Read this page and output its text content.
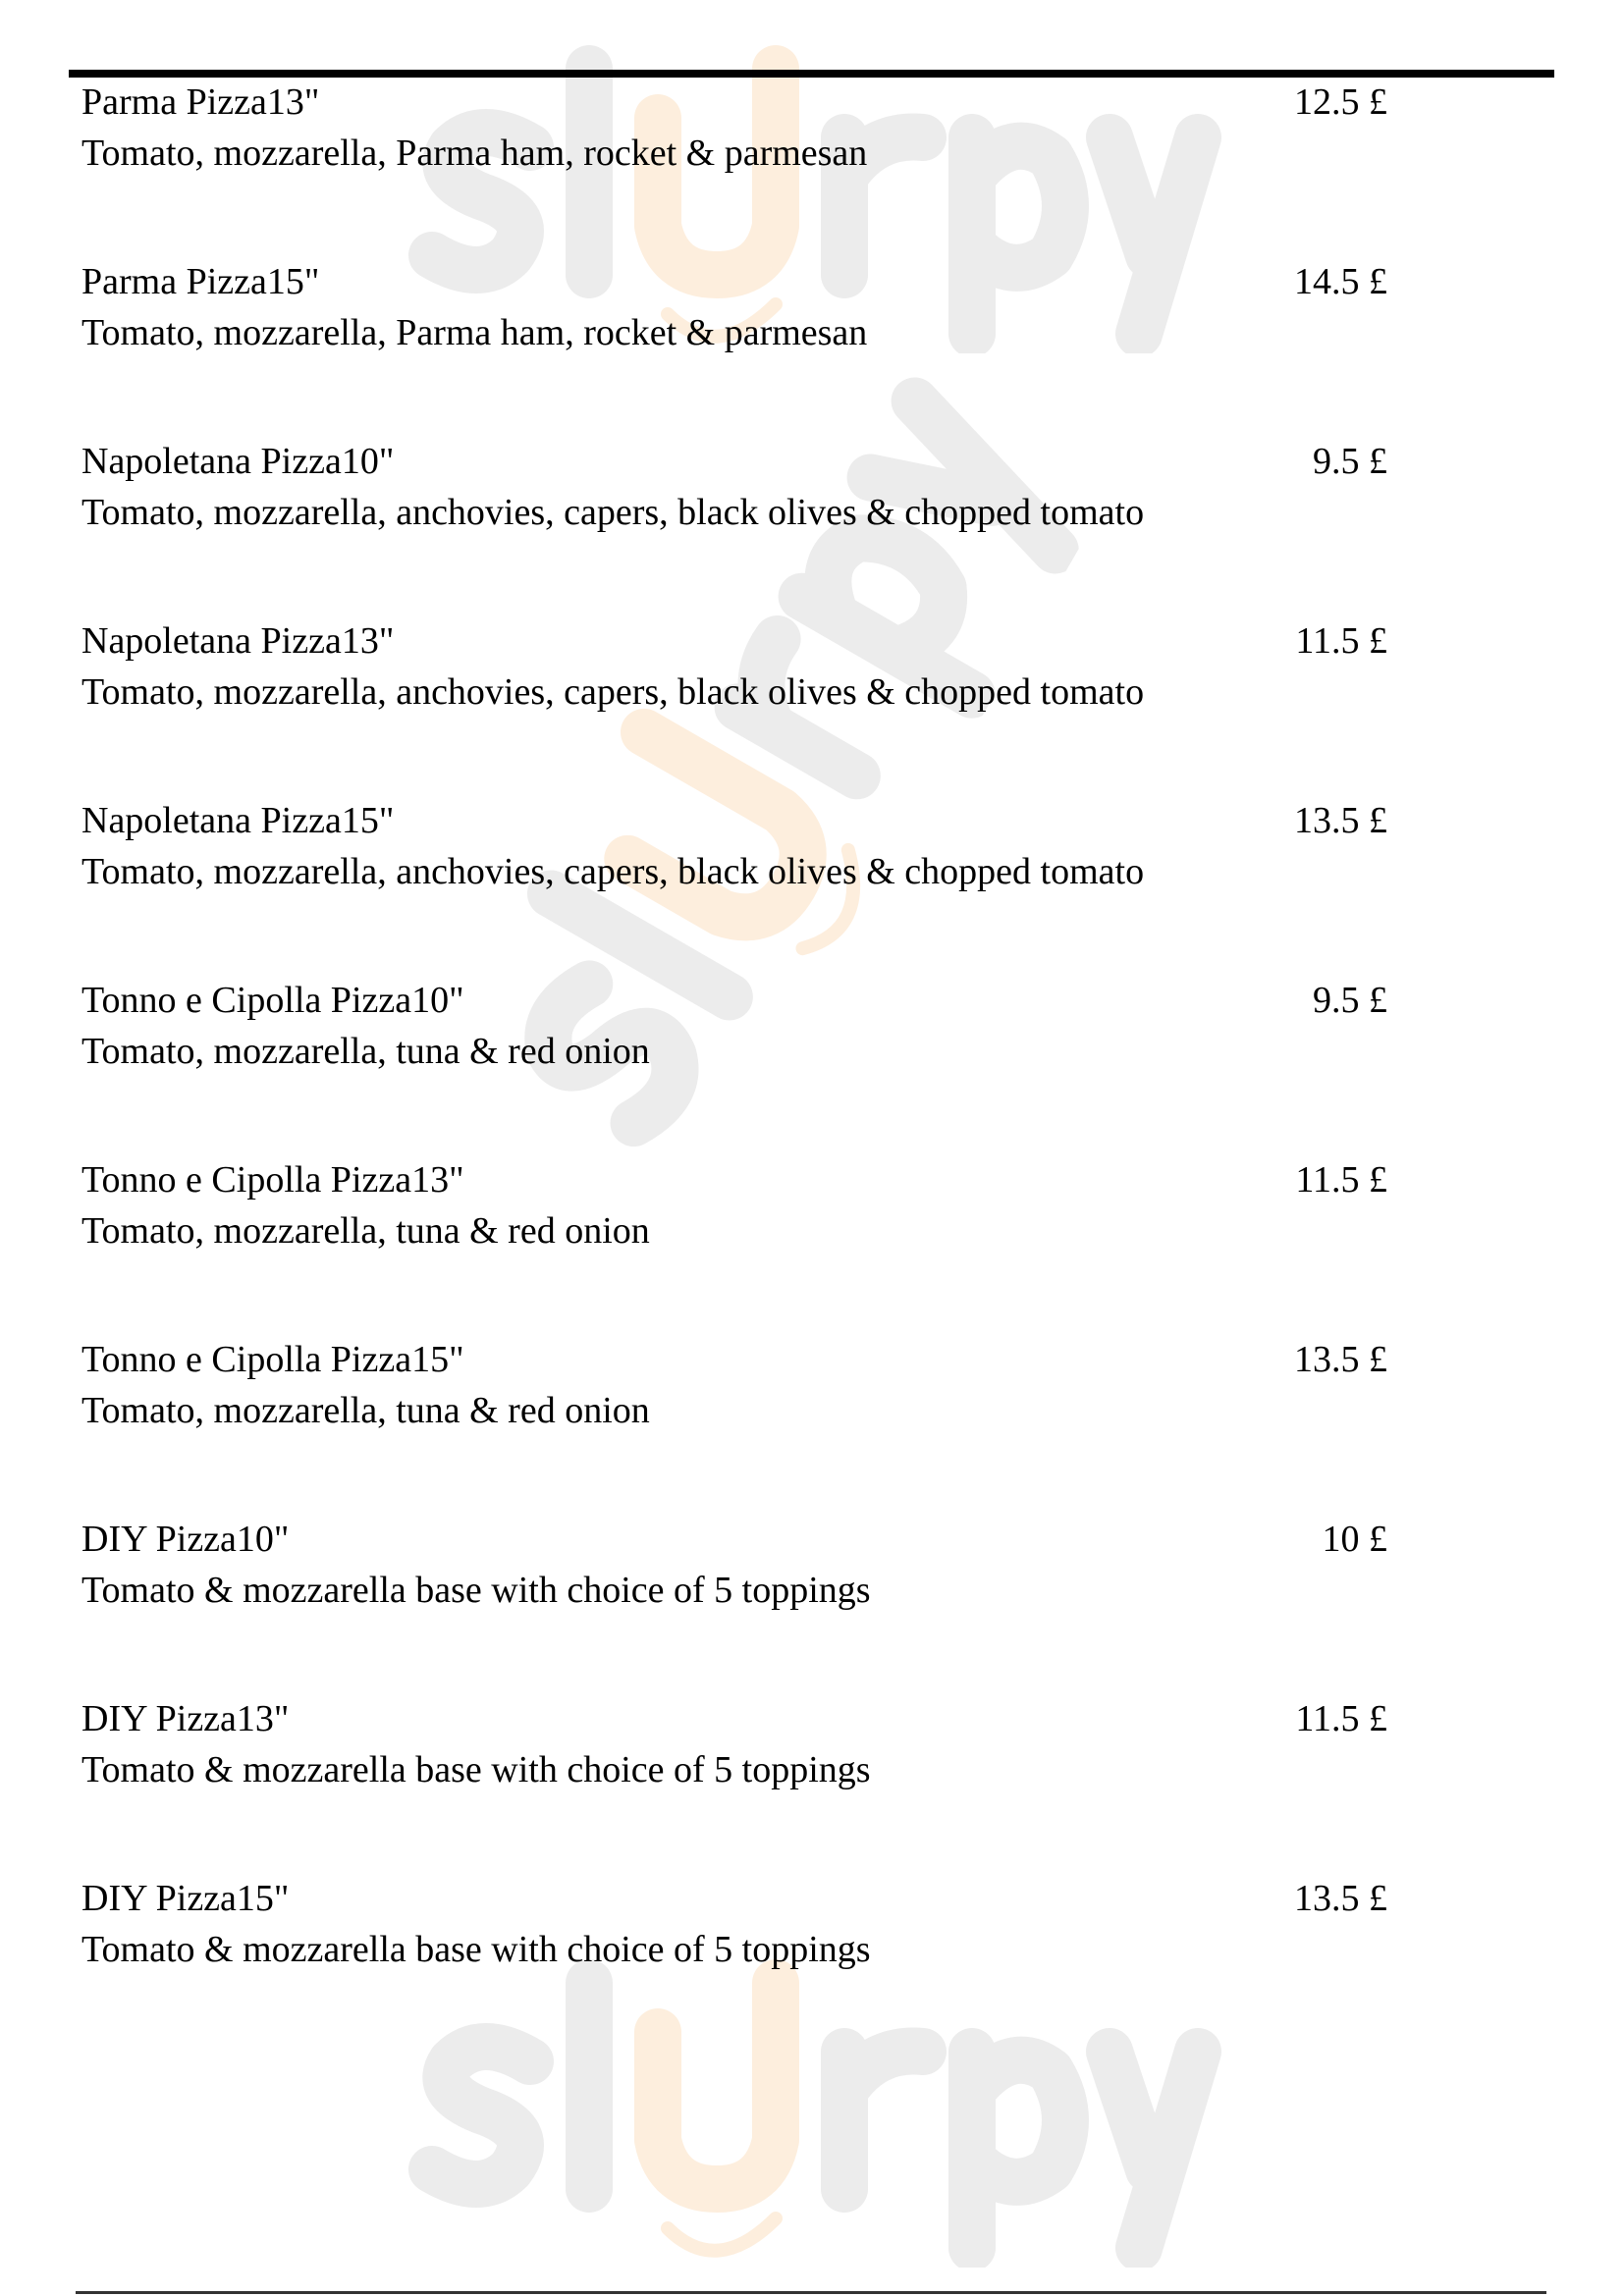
Parma Pizza13"
Tomato, mozzarella, Parma ham, rocket & parmesan
12.5 £
Parma Pizza15"
Tomato, mozzarella, Parma ham, rocket & parmesan
14.5 £
Napoletana Pizza10"
Tomato, mozzarella, anchovies, capers, black olives & chopped tomato
9.5 £
Napoletana Pizza13"
Tomato, mozzarella, anchovies, capers, black olives & chopped tomato
11.5 £
Napoletana Pizza15"
Tomato, mozzarella, anchovies, capers, black olives & chopped tomato
13.5 £
Tonno e Cipolla Pizza10"
Tomato, mozzarella, tuna & red onion
9.5 £
Tonno e Cipolla Pizza13"
Tomato, mozzarella, tuna & red onion
11.5 £
Tonno e Cipolla Pizza15"
Tomato, mozzarella, tuna & red onion
13.5 £
DIY Pizza10"
Tomato & mozzarella base with choice of 5 toppings
10 £
DIY Pizza13"
Tomato & mozzarella base with choice of 5 toppings
11.5 £
DIY Pizza15"
Tomato & mozzarella base with choice of 5 toppings
13.5 £
